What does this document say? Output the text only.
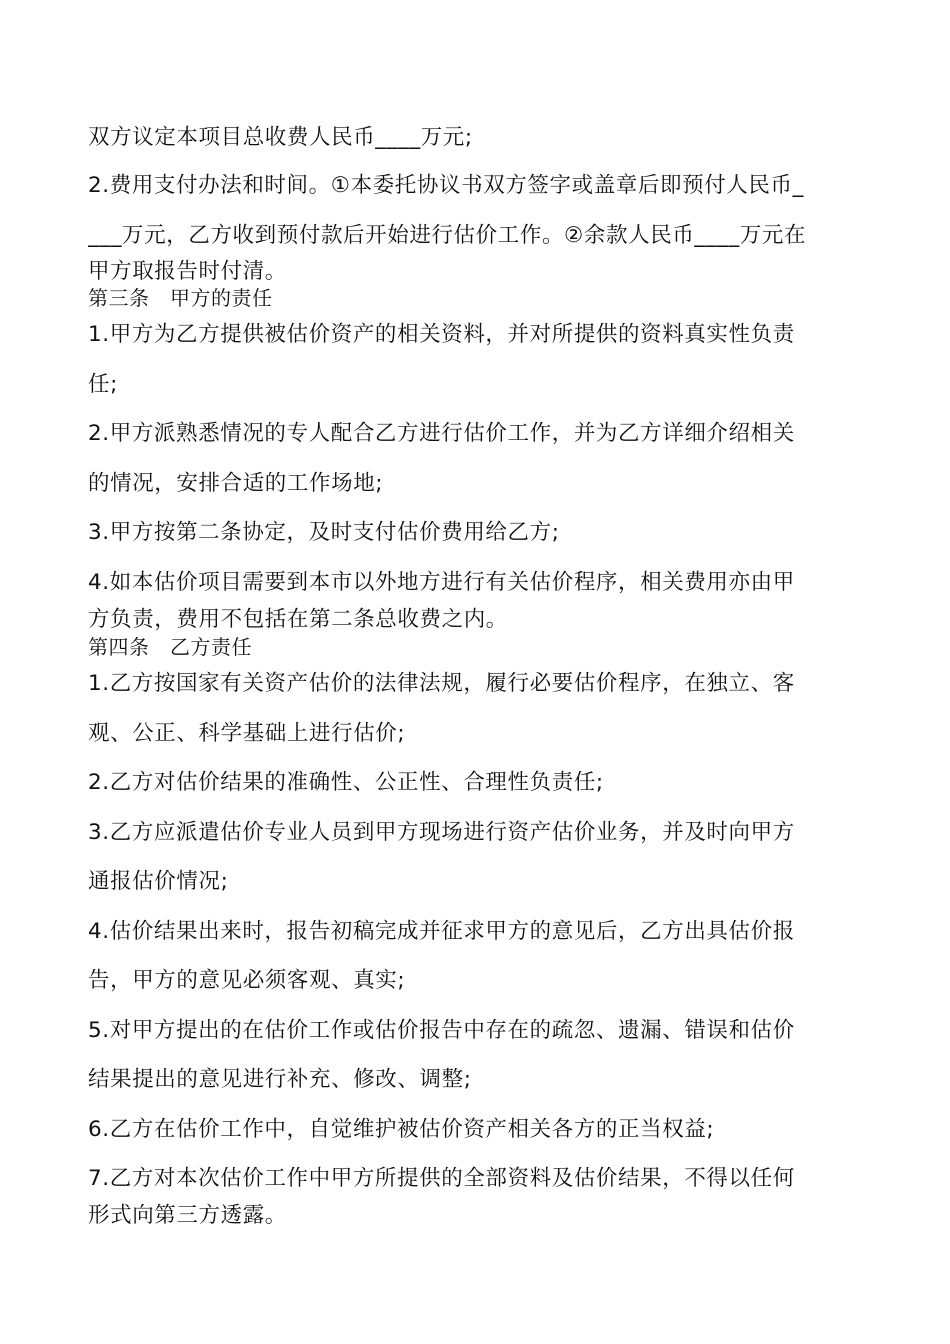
双方议定本项目总收费人民币____万元;
2.费用支付办法和时间。①本委托协议书双方签字或盖章后即预付人民币_
___万元，乙方收到预付款后开始进行估价工作。②余款人民币____万元在
甲方取报告时付清。
第三条　甲方的责任
1.甲方为乙方提供被估价资产的相关资料，并对所提供的资料真实性负责
任;
2.甲方派熟悉情况的专人配合乙方进行估价工作，并为乙方详细介绍相关
的情况，安排合适的工作场地;
3.甲方按第二条协定，及时支付估价费用给乙方;
4.如本估价项目需要到本市以外地方进行有关估价程序，相关费用亦由甲
方负责，费用不包括在第二条总收费之内。
第四条　乙方责任
1.乙方按国家有关资产估价的法律法规，履行必要估价程序，在独立、客
观、公正、科学基础上进行估价;
2.乙方对估价结果的准确性、公正性、合理性负责任;
3.乙方应派遣估价专业人员到甲方现场进行资产估价业务，并及时向甲方
通报估价情况;
4.估价结果出来时，报告初稿完成并征求甲方的意见后，乙方出具估价报
告，甲方的意见必须客观、真实;
5.对甲方提出的在估价工作或估价报告中存在的疏忽、遗漏、错误和估价
结果提出的意见进行补充、修改、调整;
6.乙方在估价工作中，自觉维护被估价资产相关各方的正当权益;
7.乙方对本次估价工作中甲方所提供的全部资料及估价结果，不得以任何
形式向第三方透露。
